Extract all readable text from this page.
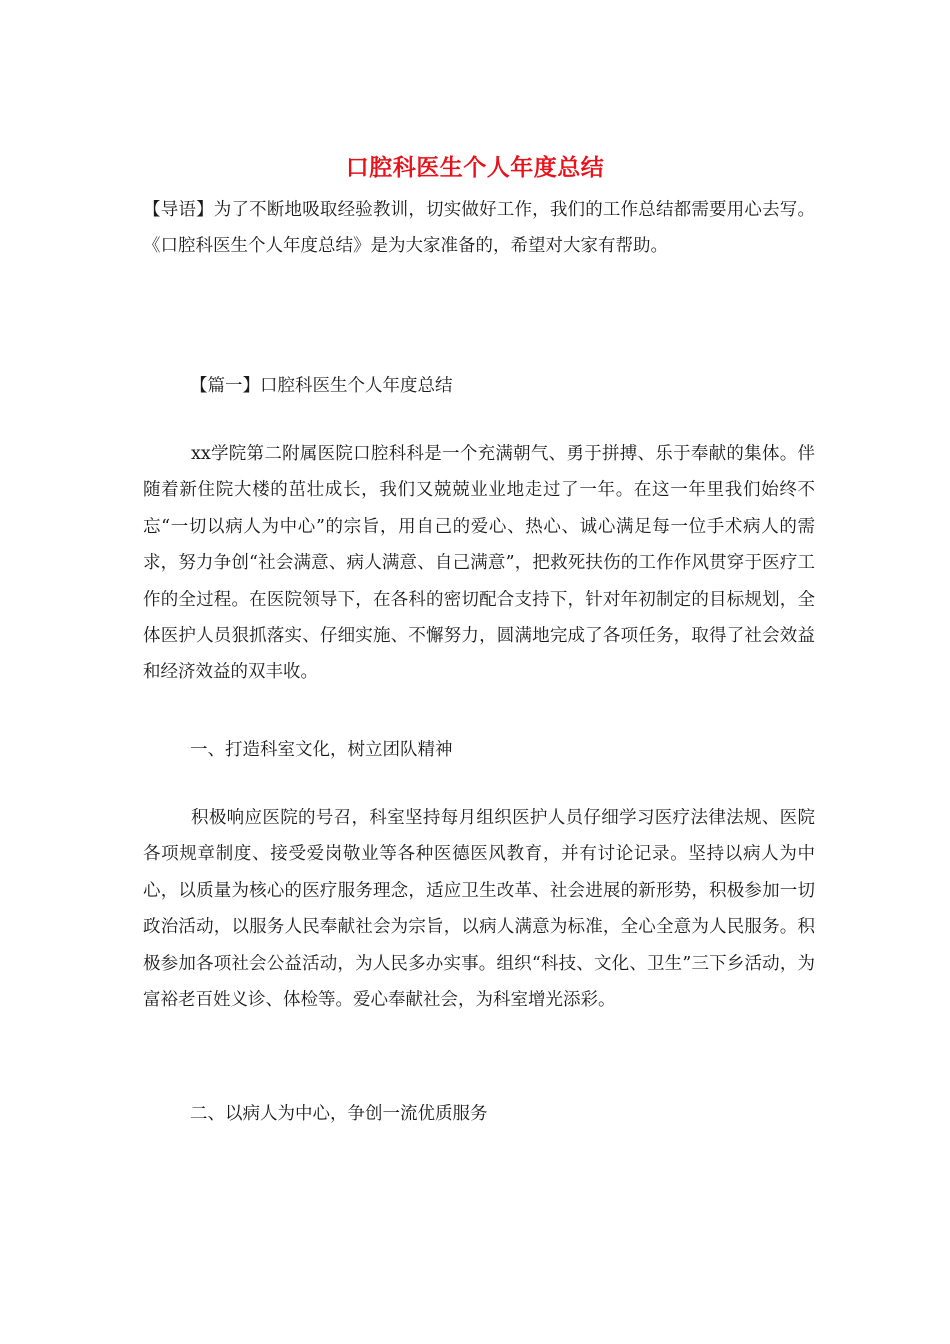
口腔科医生个人年度总结

【导语】为了不断地吸取经验教训，切实做好工作，我们的工作总结都需要用心去写。《口腔科医生个人年度总结》是为大家准备的，希望对大家有帮助。

【篇一】口腔科医生个人年度总结

xx学院第二附属医院口腔科科是一个充满朝气、勇于拼搏、乐于奉献的集体。伴随着新住院大楼的茁壮成长，我们又兢兢业业地走过了一年。在这一年里我们始终不忘“一切以病人为中心”的宗旨，用自己的爱心、热心、诚心满足每一位手术病人的需求，努力争创“社会满意、病人满意、自己满意”，把救死扶伤的工作作风贯穿于医疗工作的全过程。在医院领导下，在各科的密切配合支持下，针对年初制定的目标规划，全体医护人员狠抓落实、仔细实施、不懈努力，圆满地完成了各项任务，取得了社会效益和经济效益的双丰收。

一、打造科室文化，树立团队精神

积极响应医院的号召，科室坚持每月组织医护人员仔细学习医疗法律法规、医院各项规章制度、接受爱岗敬业等各种医德医风教育，并有讨论记录。坚持以病人为中心，以质量为核心的医疗服务理念，适应卫生改革、社会进展的新形势，积极参加一切政治活动，以服务人民奉献社会为宗旨，以病人满意为标准，全心全意为人民服务。积极参加各项社会公益活动，为人民多办实事。组织“科技、文化、卫生”三下乡活动，为富裕老百姓义诊、体检等。爱心奉献社会，为科室增光添彩。

二、以病人为中心，争创一流优质服务
